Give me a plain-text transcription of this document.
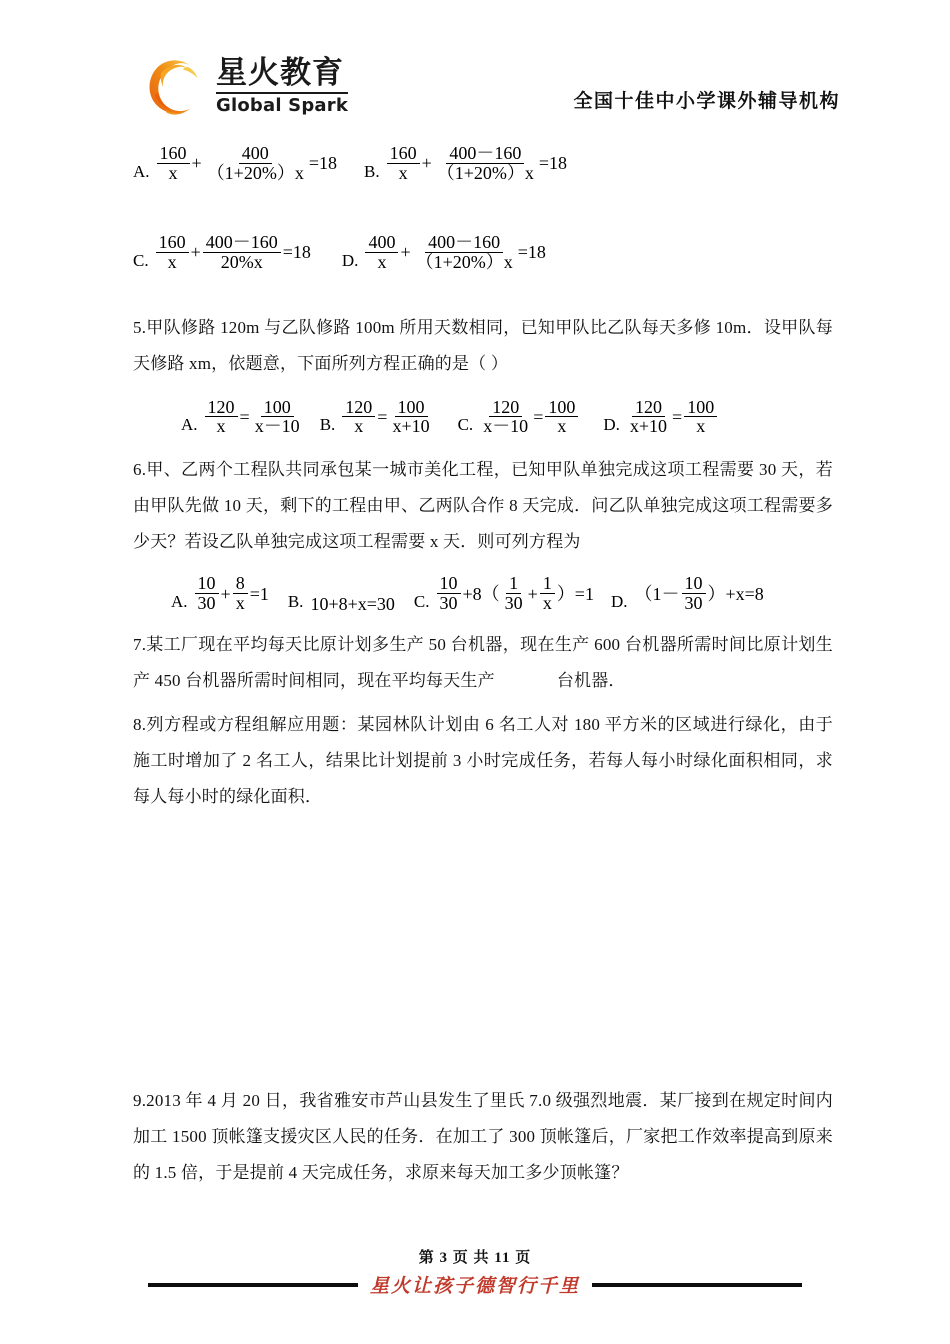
星火教育
Global Spark	全国十佳中小学课外辅导机构
A. $\frac{160}{x} + \frac{400}{(1+20\%)x} =18$ B. $\frac{160}{x} + \frac{400-160}{(1+20\%)x} =18$
C. $\frac{160}{x} + \frac{400-160}{20\%x} =18$ D. $\frac{400}{x} + \frac{400-160}{(1+20\%)x} =18$
5.甲队修路 120m 与乙队修路 100m 所用天数相同，已知甲队比乙队每天多修 10m．设甲队每天修路 xm，依题意，下面所列方程正确的是（ ）
A. $\frac{120}{x} = \frac{100}{x-10} B$. $\frac{120}{x} = \frac{100}{x+10} C$. $\frac{120}{x-10} = \frac{100}{x} D$. $\frac{120}{x+10} = \frac{100}{x}$
6.甲、乙两个工程队共同承包某一城市美化工程，已知甲队单独完成这项工程需要 30 天，若由甲队先做 10 天，剩下的工程由甲、乙两队合作 8 天完成．问乙队单独完成这项工程需要多少天？若设乙队单独完成这项工程需要 x 天．则可列方程为
A. $\frac{10}{30} + \frac{8}{x} =1$ B. 10+8+x=30 C. $\frac{10}{30} +8( \frac{1}{30} + \frac{1}{x} )=1$ D. $(1- \frac{10}{30} )+x=8$
7.某工厂现在平均每天比原计划多生产 50 台机器，现在生产 600 台机器所需时间比原计划生产 450 台机器所需时间相同，现在平均每天生产	台机器．
8.列方程或方程组解应用题：某园林队计划由 6 名工人对 180 平方米的区域进行绿化，由于施工时增加了 2 名工人，结果比计划提前 3 小时完成任务，若每人每小时绿化面积相同，求每人每小时的绿化面积．
9.2013 年 4 月 20 日，我省雅安市芦山县发生了里氏 7.0 级强烈地震．某厂接到在规定时间内加工 1500 顶帐篷支援灾区人民的任务．在加工了 300 顶帐篷后，厂家把工作效率提高到原来的 1.5 倍，于是提前 4 天完成任务，求原来每天加工多少顶帐篷？
第 3 页 共 11 页
星火让孩子德智行千里
